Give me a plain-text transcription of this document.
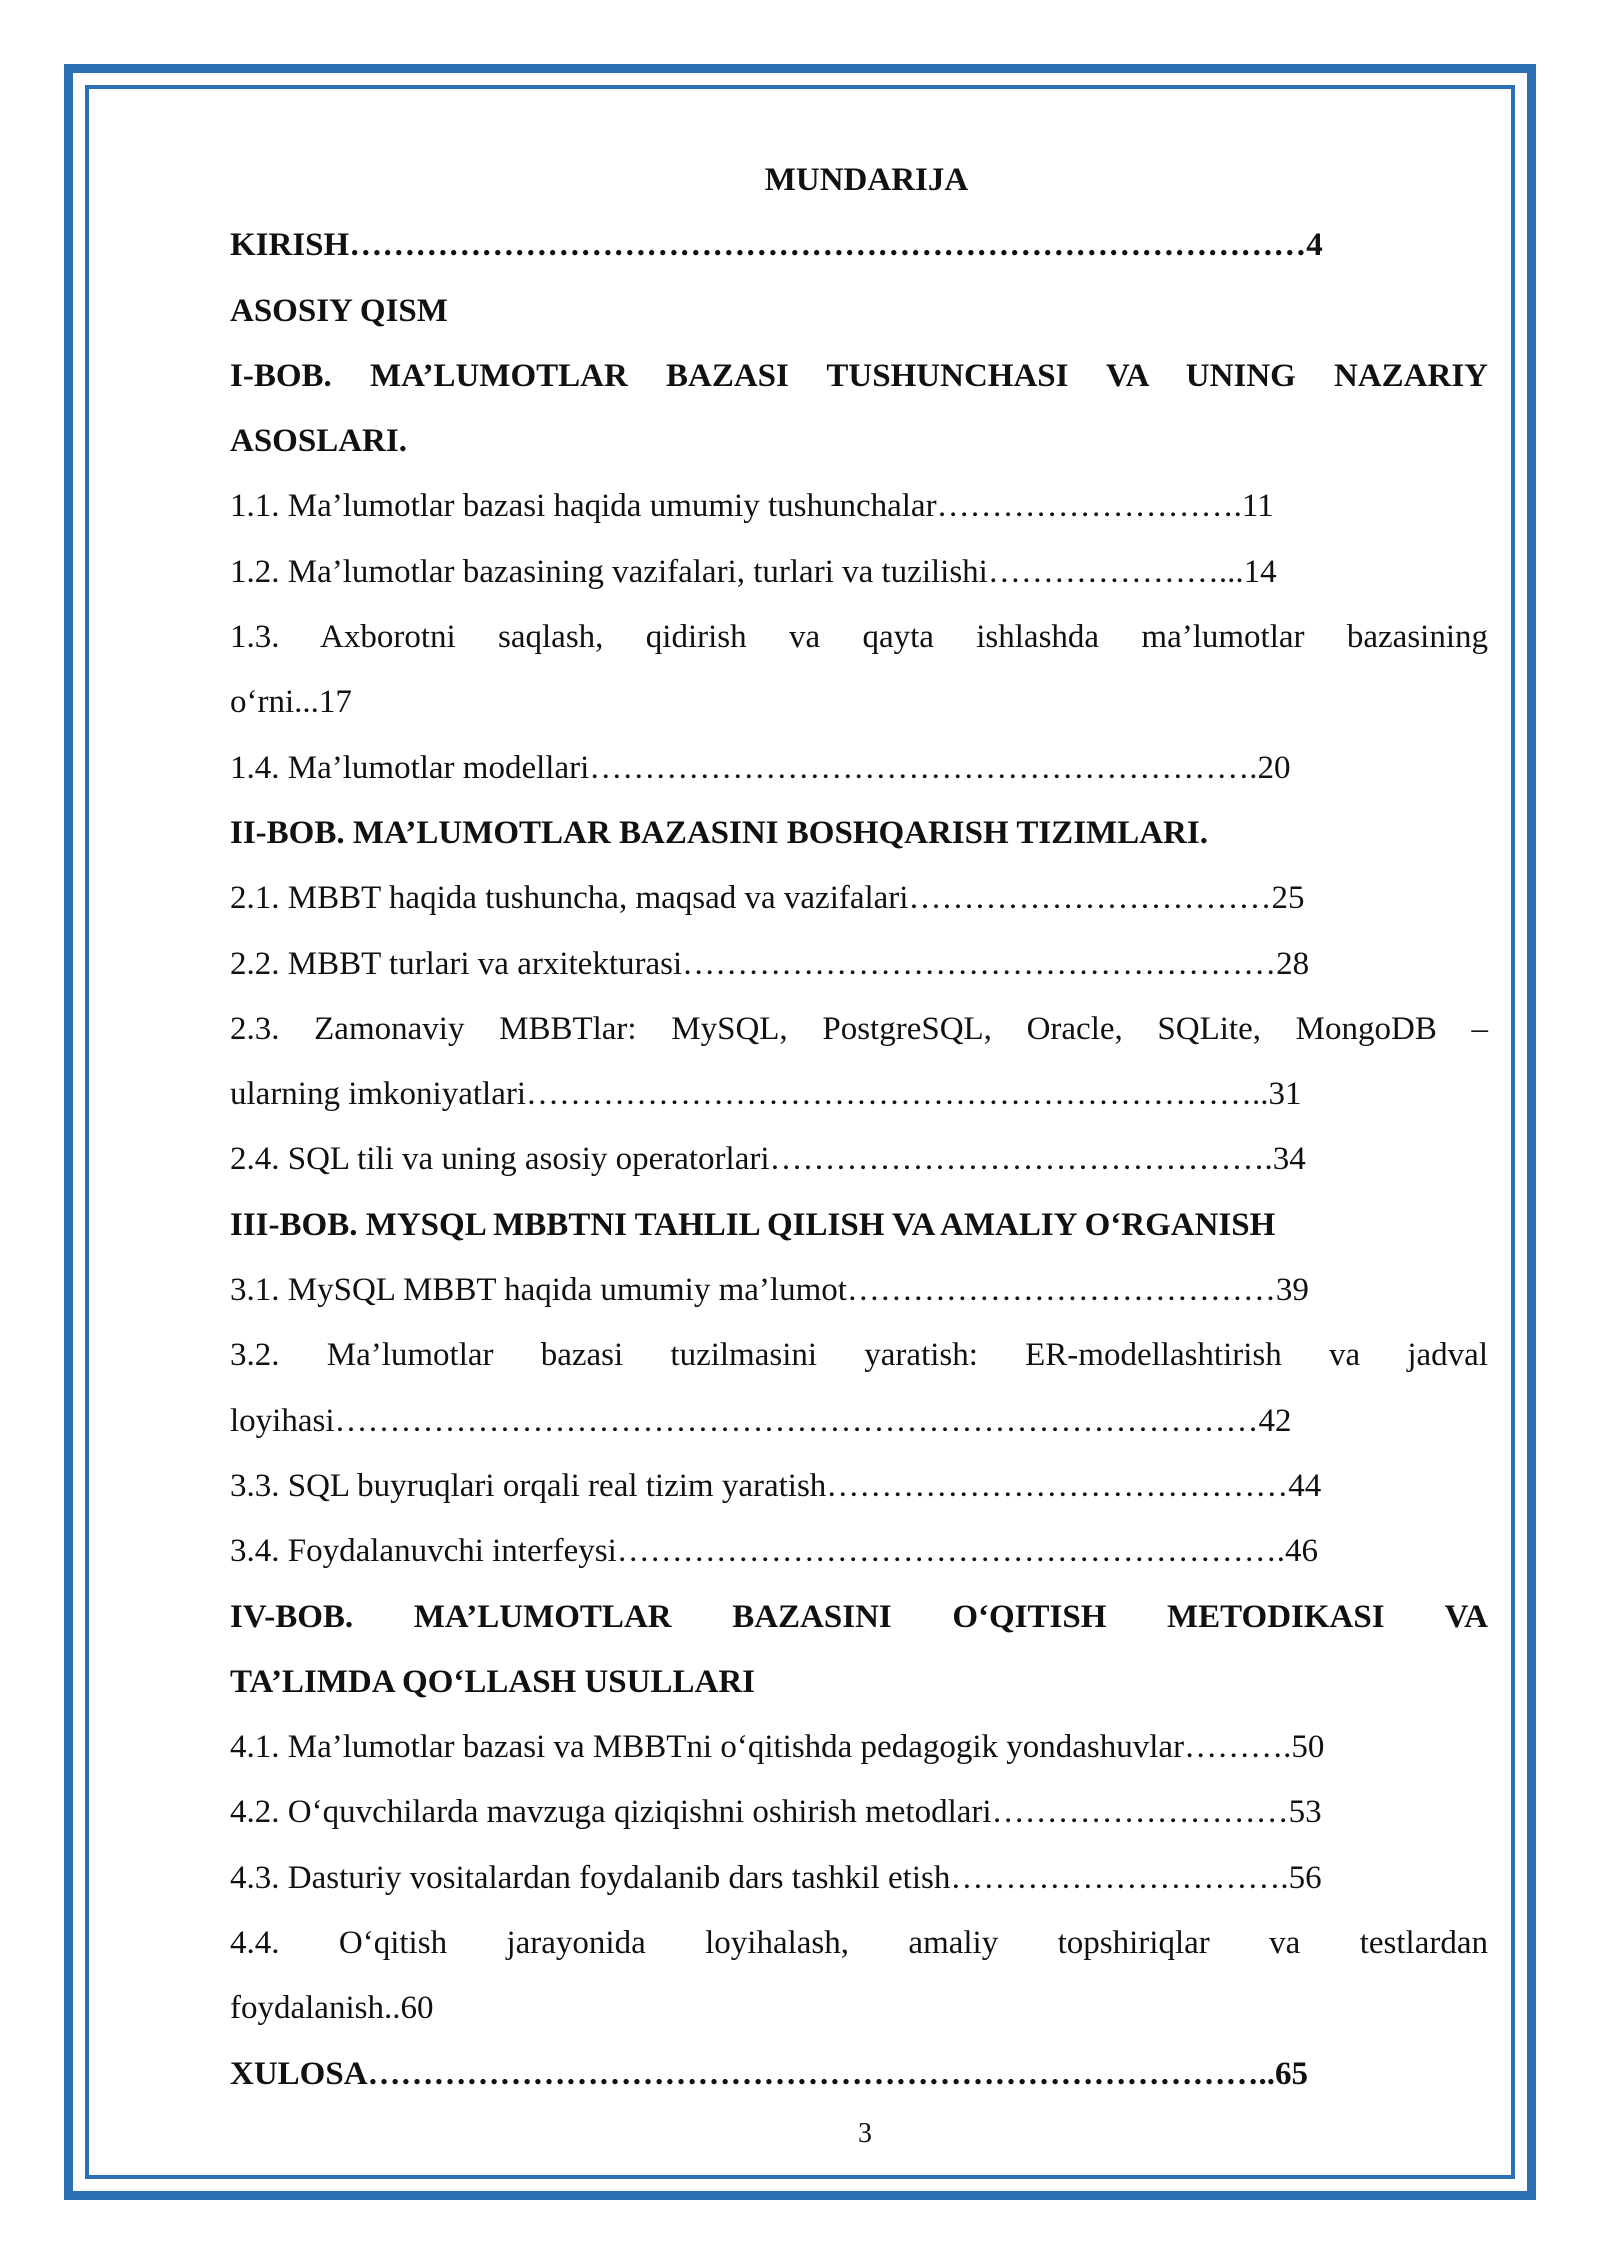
MUNDARIJA
KIRISH……………………………………………………………………………4
ASOSIY QISM
I-BOB. MA’LUMOTLAR BAZASI TUSHUNCHASI VA UNING NAZARIY
ASOSLARI.
1.1. Ma’lumotlar bazasi haqida umumiy tushunchalar……………………….11
1.2. Ma’lumotlar bazasining vazifalari, turlari va tuzilishi…………………...14
1.3. Axborotni saqlash, qidirish va qayta ishlashda ma’lumotlar bazasining
o‘rni...17
1.4. Ma’lumotlar modellari…………………………………………………….20
II-BOB. MA’LUMOTLAR BAZASINI BOSHQARISH TIZIMLARI.
2.1. MBBT haqida tushuncha, maqsad va vazifalari……………………………25
2.2. MBBT turlari va arxitekturasi………………………………………………28
2.3. Zamonaviy MBBTlar: MySQL, PostgreSQL, Oracle, SQLite, MongoDB –
ularning imkoniyatlari…………………………………………………………..31
2.4. SQL tili va uning asosiy operatorlari……………………………………….34
III-BOB. MYSQL MBBTNI TAHLIL QILISH VA AMALIY O‘RGANISH
3.1. MySQL MBBT haqida umumiy ma’lumot…………………………………39
3.2. Ma’lumotlar bazasi tuzilmasini yaratish: ER-modellashtirish va jadval
loyihasi…………………………………………………………………………42
3.3. SQL buyruqlari orqali real tizim yaratish……………………………………44
3.4. Foydalanuvchi interfeysi…………………………………………………….46
IV-BOB. MA’LUMOTLAR BAZASINI O‘QITISH METODIKASI VA
TA’LIMDA QO‘LLASH USULLARI
4.1. Ma’lumotlar bazasi va MBBTni o‘qitishda pedagogik yondashuvlar……….50
4.2. O‘quvchilarda mavzuga qiziqishni oshirish metodlari………………………53
4.3. Dasturiy vositalardan foydalanib dars tashkil etish………………………….56
4.4. O‘qitish jarayonida loyihalash, amaliy topshiriqlar va testlardan
foydalanish..60
XULOSA………………………………………………………………………..65
3
